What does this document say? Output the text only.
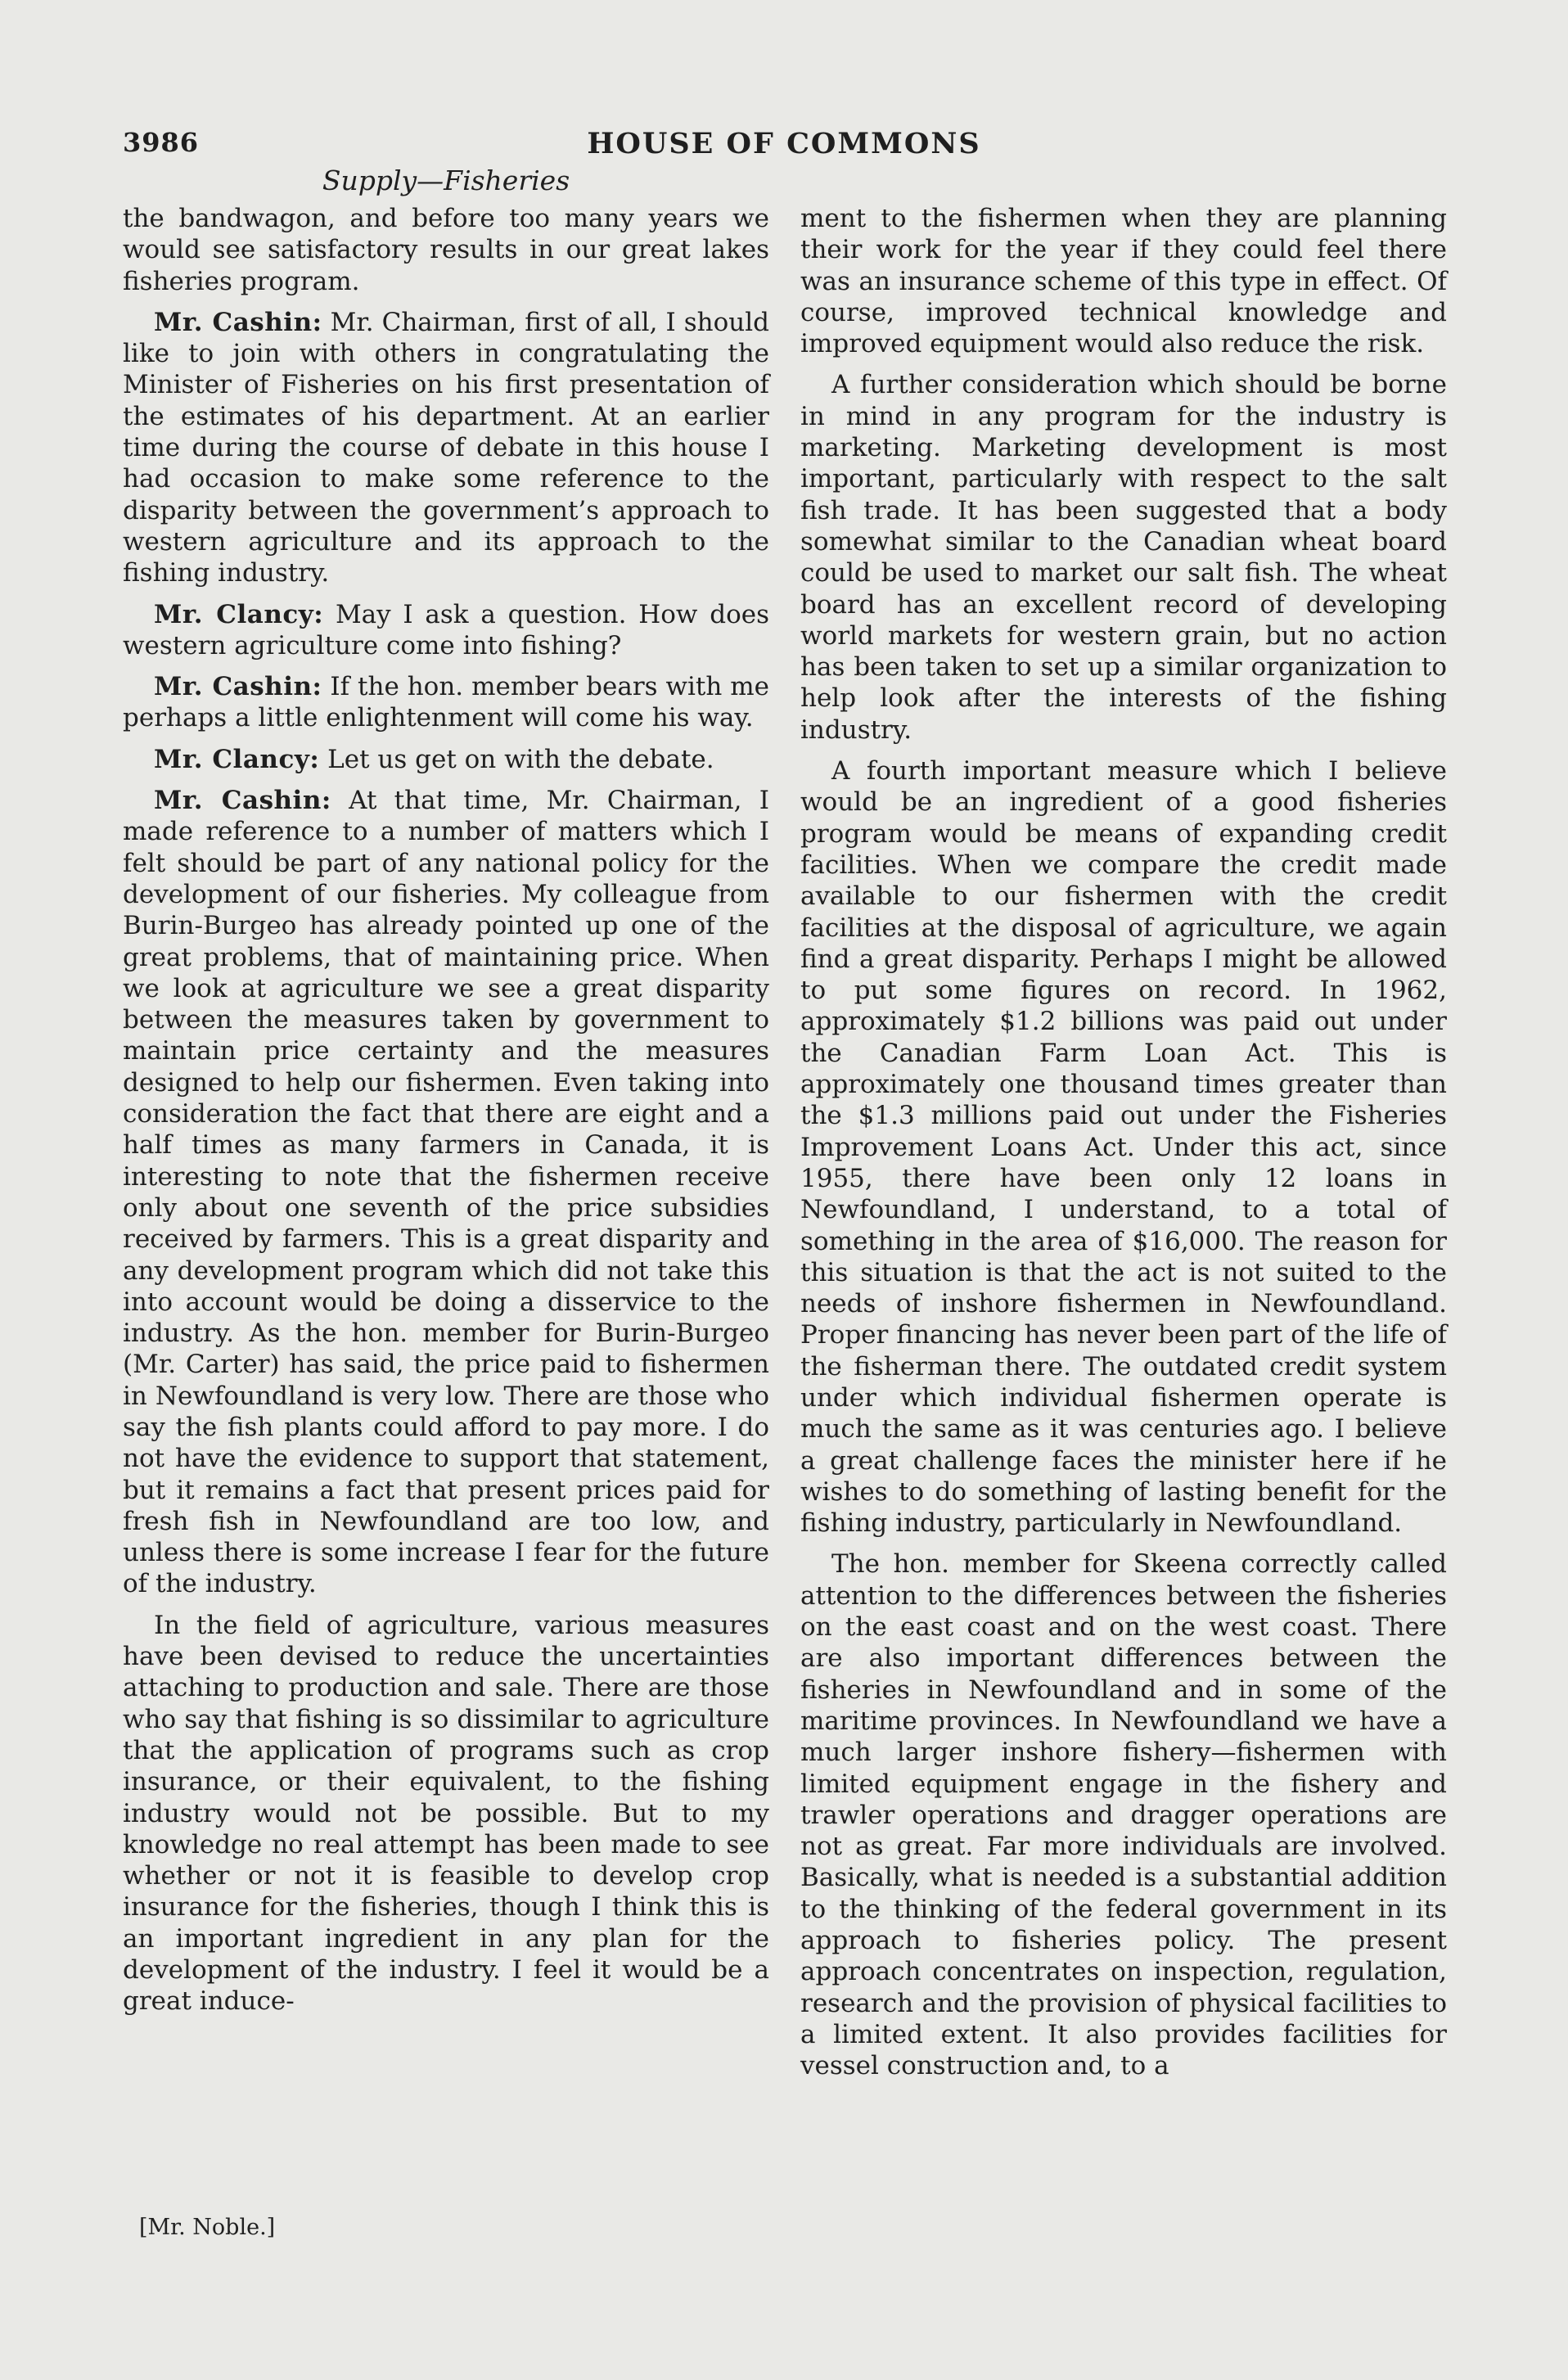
3986	HOUSE OF COMMONS
Supply—Fisheries

the bandwagon, and before too many years we would see satisfactory results in our great lakes fisheries program.

Mr. Cashin: Mr. Chairman, first of all, I should like to join with others in congratulating the Minister of Fisheries on his first presentation of the estimates of his department. At an earlier time during the course of debate in this house I had occasion to make some reference to the disparity between the government’s approach to western agriculture and its approach to the fishing industry.

Mr. Clancy: May I ask a question. How does western agriculture come into fishing?

Mr. Cashin: If the hon. member bears with me perhaps a little enlightenment will come his way.

Mr. Clancy: Let us get on with the debate.

Mr. Cashin: At that time, Mr. Chairman, I made reference to a number of matters which I felt should be part of any national policy for the development of our fisheries. My colleague from Burin-Burgeo has already pointed up one of the great problems, that of maintaining price. When we look at agriculture we see a great disparity between the measures taken by government to maintain price certainty and the measures designed to help our fishermen. Even taking into consideration the fact that there are eight and a half times as many farmers in Canada, it is interesting to note that the fishermen receive only about one seventh of the price subsidies received by farmers. This is a great disparity and any development program which did not take this into account would be doing a disservice to the industry. As the hon. member for Burin-Burgeo (Mr. Carter) has said, the price paid to fishermen in Newfoundland is very low. There are those who say the fish plants could afford to pay more. I do not have the evidence to support that statement, but it remains a fact that present prices paid for fresh fish in Newfoundland are too low, and unless there is some increase I fear for the future of the industry.

In the field of agriculture, various measures have been devised to reduce the uncertainties attaching to production and sale. There are those who say that fishing is so dissimilar to agriculture that the application of programs such as crop insurance, or their equivalent, to the fishing industry would not be possible. But to my knowledge no real attempt has been made to see whether or not it is feasible to develop crop insurance for the fisheries, though I think this is an important ingredient in any plan for the development of the industry. I feel it would be a great induce-

ment to the fishermen when they are planning their work for the year if they could feel there was an insurance scheme of this type in effect. Of course, improved technical knowledge and improved equipment would also reduce the risk.

A further consideration which should be borne in mind in any program for the industry is marketing. Marketing development is most important, particularly with respect to the salt fish trade. It has been suggested that a body somewhat similar to the Canadian wheat board could be used to market our salt fish. The wheat board has an excellent record of developing world markets for western grain, but no action has been taken to set up a similar organization to help look after the interests of the fishing industry.

A fourth important measure which I believe would be an ingredient of a good fisheries program would be means of expanding credit facilities. When we compare the credit made available to our fishermen with the credit facilities at the disposal of agriculture, we again find a great disparity. Perhaps I might be allowed to put some figures on record. In 1962, approximately $1.2 billions was paid out under the Canadian Farm Loan Act. This is approximately one thousand times greater than the $1.3 millions paid out under the Fisheries Improvement Loans Act. Under this act, since 1955, there have been only 12 loans in Newfoundland, I understand, to a total of something in the area of $16,000. The reason for this situation is that the act is not suited to the needs of inshore fishermen in Newfoundland. Proper financing has never been part of the life of the fisherman there. The outdated credit system under which individual fishermen operate is much the same as it was centuries ago. I believe a great challenge faces the minister here if he wishes to do something of lasting benefit for the fishing industry, particularly in Newfoundland.

The hon. member for Skeena correctly called attention to the differences between the fisheries on the east coast and on the west coast. There are also important differences between the fisheries in Newfoundland and in some of the maritime provinces. In Newfoundland we have a much larger inshore fishery—fishermen with limited equipment engage in the fishery and trawler operations and dragger operations are not as great. Far more individuals are involved. Basically, what is needed is a substantial addition to the thinking of the federal government in its approach to fisheries policy. The present approach concentrates on inspection, regulation, research and the provision of physical facilities to a limited extent. It also provides facilities for vessel construction and, to a

[Mr. Noble.]
